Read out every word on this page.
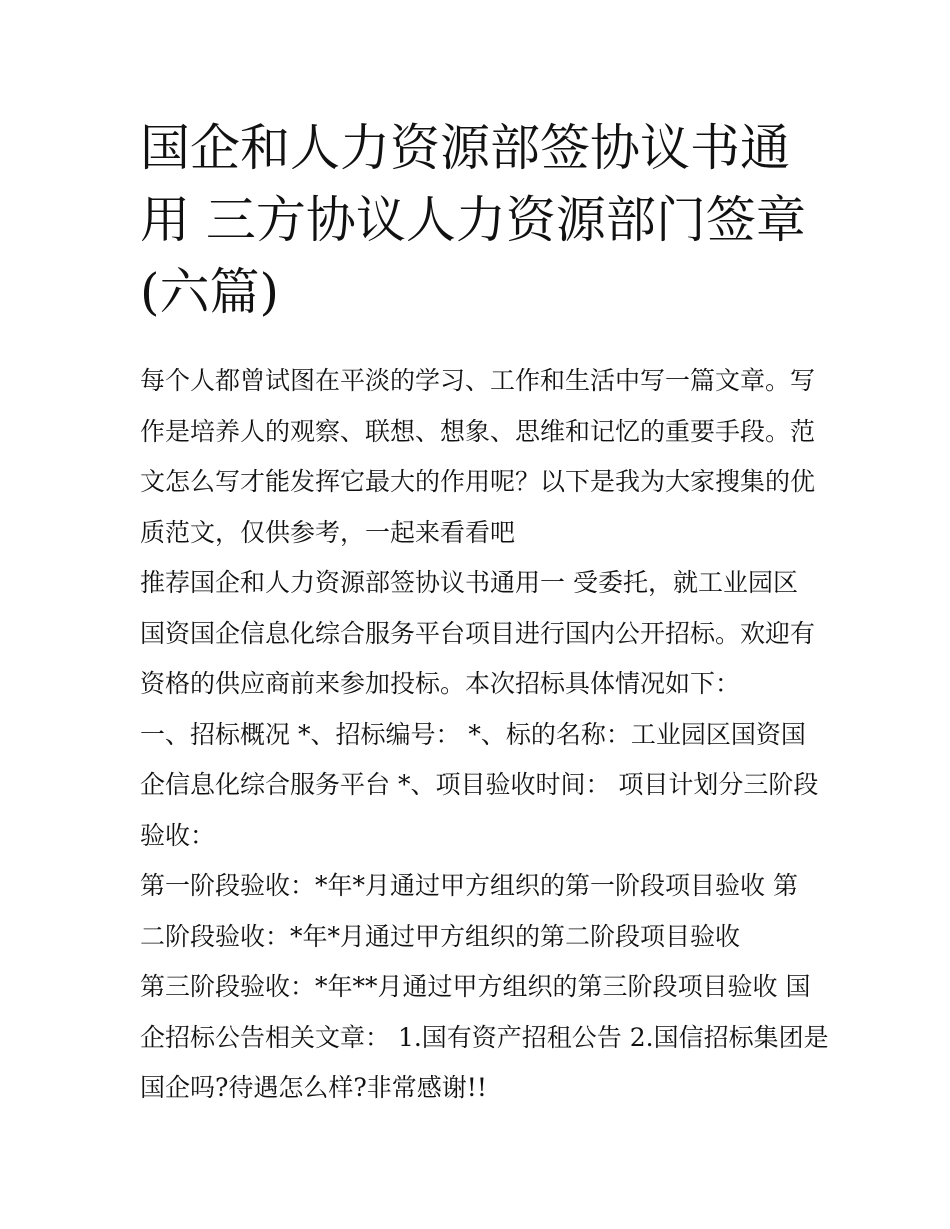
国企和人力资源部签协议书通
用 三方协议人力资源部门签章
(六篇)
每个人都曾试图在平淡的学习、工作和生活中写一篇文章。写
作是培养人的观察、联想、想象、思维和记忆的重要手段。范
文怎么写才能发挥它最大的作用呢？以下是我为大家搜集的优
质范文，仅供参考，一起来看看吧
推荐国企和人力资源部签协议书通用一 受委托，就工业园区
国资国企信息化综合服务平台项目进行国内公开招标。欢迎有
资格的供应商前来参加投标。本次招标具体情况如下：
一、招标概况 *、招标编号： *、标的名称：工业园区国资国
企信息化综合服务平台 *、项目验收时间： 项目计划分三阶段
验收：
第一阶段验收：*年*月通过甲方组织的第一阶段项目验收 第
二阶段验收：*年*月通过甲方组织的第二阶段项目验收
第三阶段验收：*年**月通过甲方组织的第三阶段项目验收 国
企招标公告相关文章： 1.国有资产招租公告 2.国信招标集团是
国企吗?待遇怎么样?非常感谢!!
